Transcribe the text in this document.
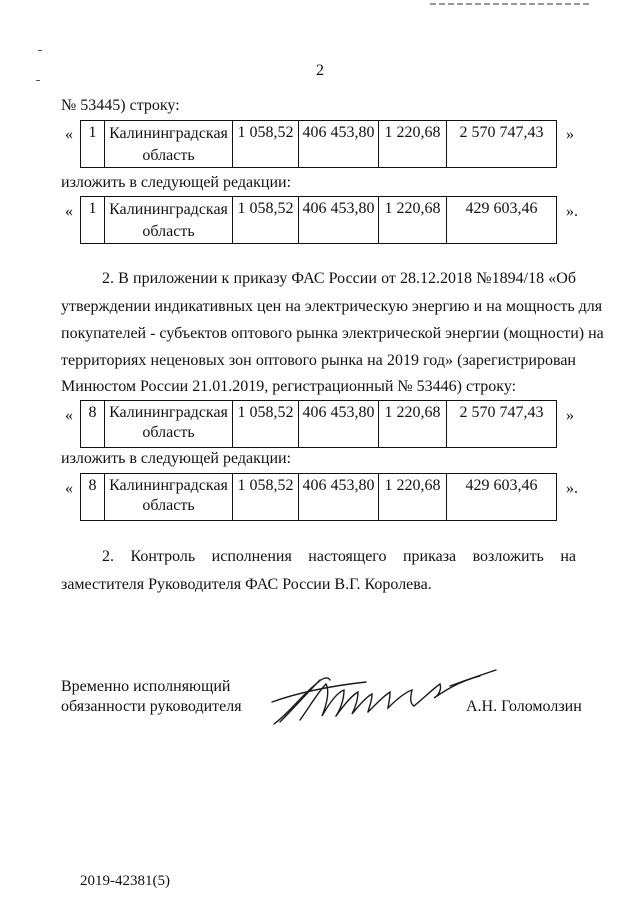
2
№ 53445) строку:
« 1	Калининградская
область	1 058,52	406 453,80	1 220,68	2 570 747,43 »
изложить в следующей редакции:
« 1	Калининградская
область	1 058,52	406 453,80	1 220,68	429 603,46 ».
2. В приложении к приказу ФАС России от 28.12.2018 №1894/18 «Об
утверждении индикативных цен на электрическую энергию и на мощность для
покупателей - субъектов оптового рынка электрической энергии (мощности) на
территориях неценовых зон оптового рынка на 2019 год» (зарегистрирован
Минюстом России 21.01.2019, регистрационный № 53446) строку:
« 8	Калининградская
область	1 058,52	406 453,80	1 220,68	2 570 747,43 »
изложить в следующей редакции:
« 8	Калининградская
область	1 058,52	406 453,80	1 220,68	429 603,46 ».
2. Контроль исполнения настоящего приказа возложить на
заместителя Руководителя ФАС России В.Г. Королева.
Временно исполняющий
обязанности руководителя	А.Н. Голомолзин
2019-42381(5)
